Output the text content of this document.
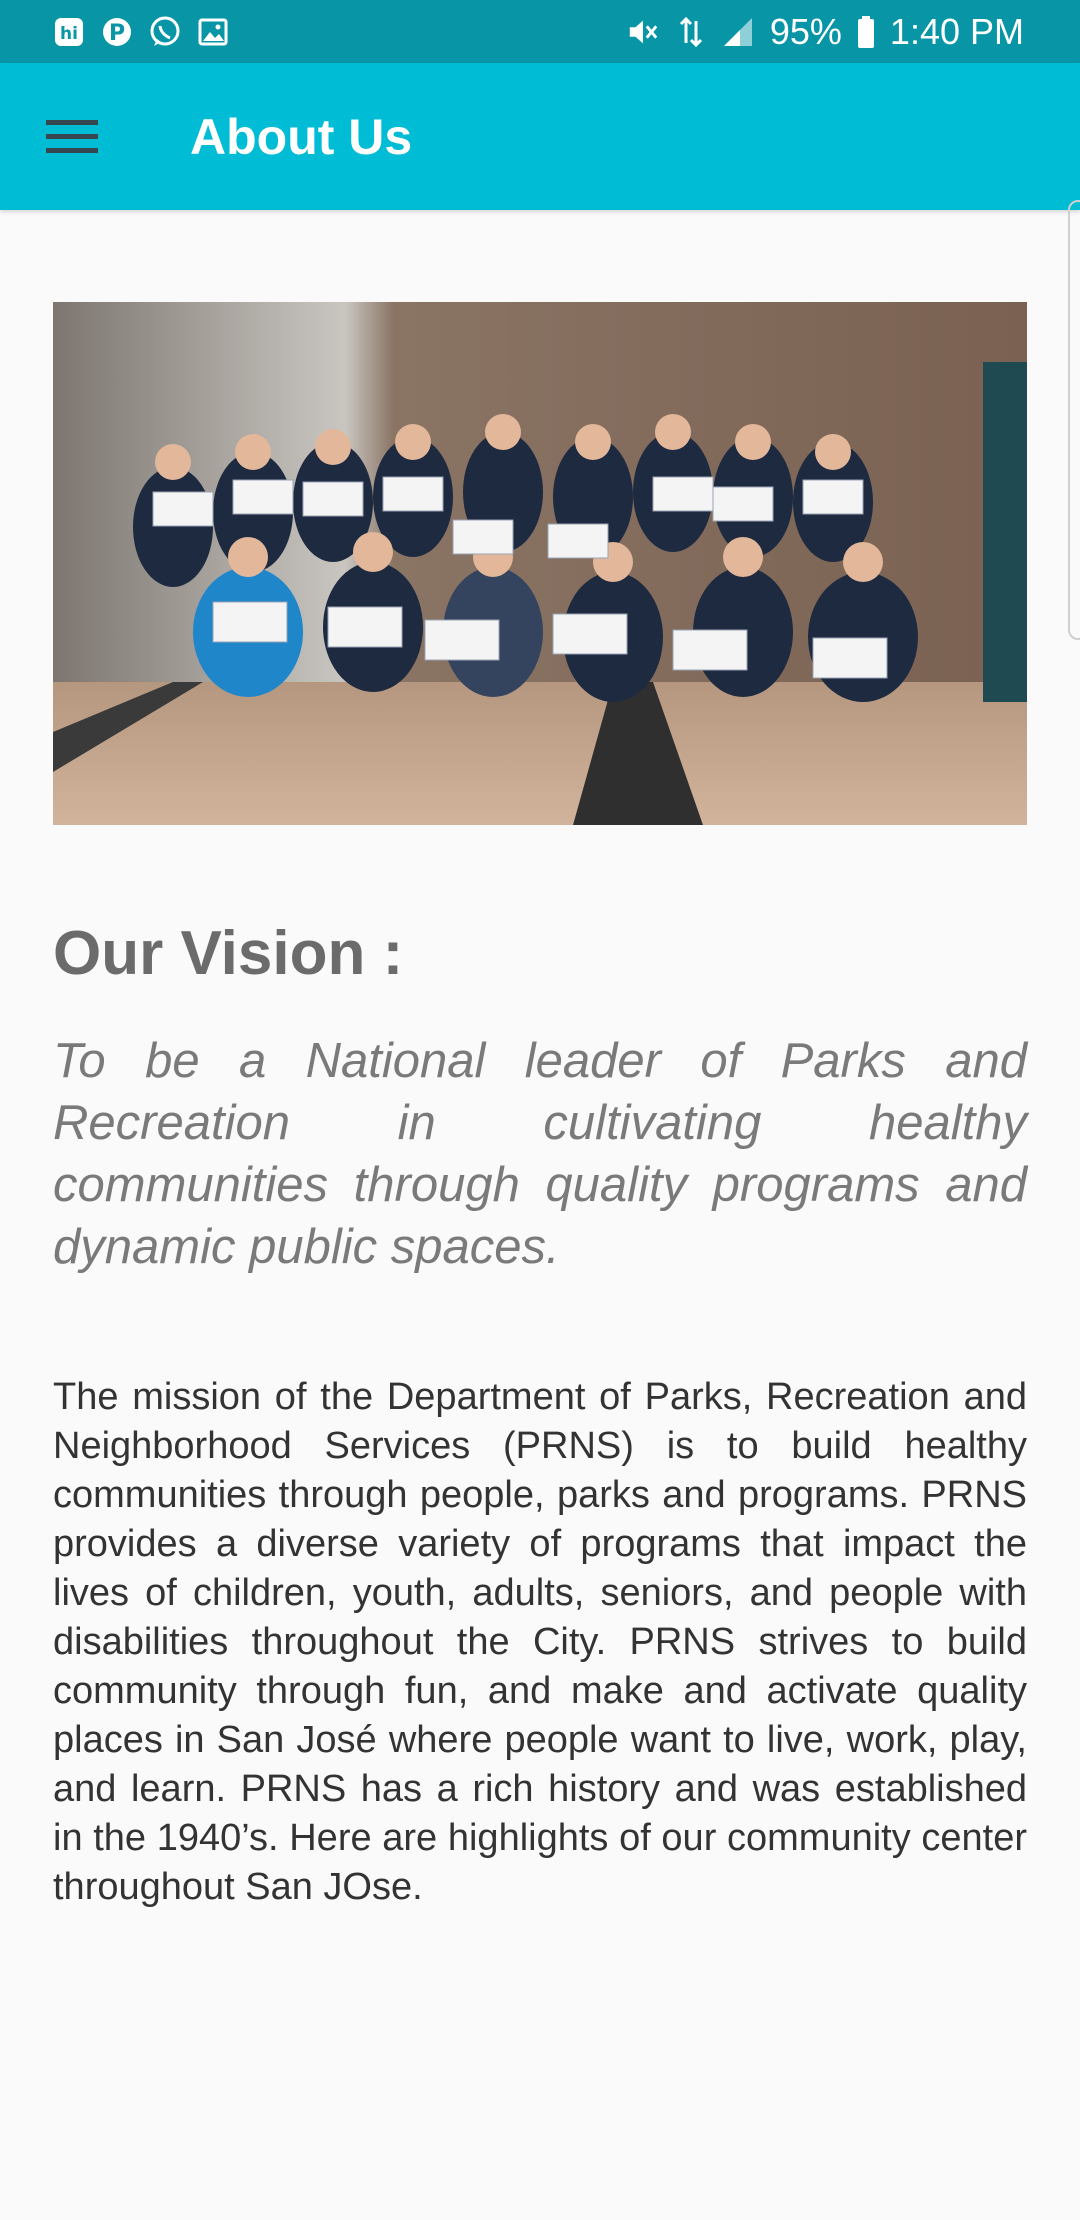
hi P	95% 1:40 PM
About Us
Our Vision :
To be a National leader of Parks and Recreation in cultivating healthy communities through quality programs and dynamic public spaces.
The mission of the Department of Parks, Recreation and Neighborhood Services (PRNS) is to build healthy communities through people, parks and programs. PRNS provides a diverse variety of programs that impact the lives of children, youth, adults, seniors, and people with disabilities throughout the City. PRNS strives to build community through fun, and make and activate quality places in San José where people want to live, work, play, and learn. PRNS has a rich history and was established in the 1940’s. Here are highlights of our community center throughout San JOse.
